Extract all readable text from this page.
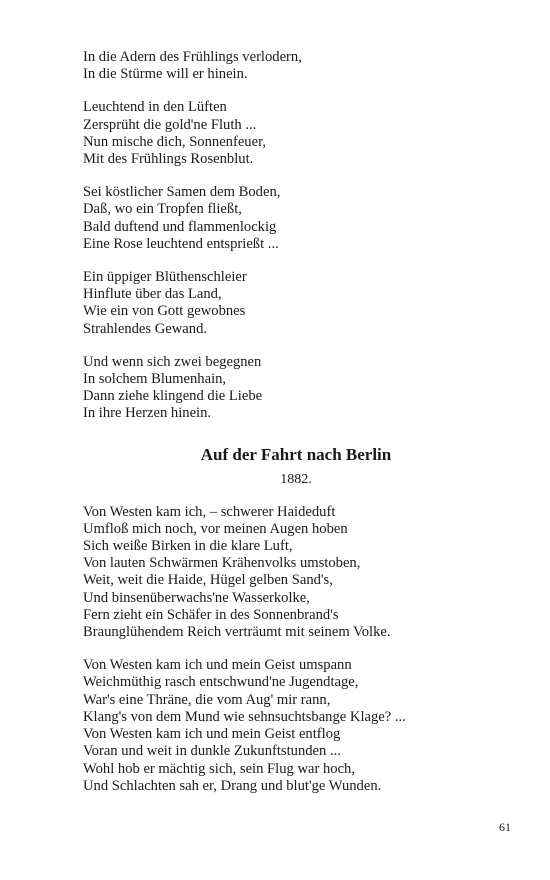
In die Adern des Frühlings verlodern,
In die Stürme will er hinein.
Leuchtend in den Lüften
Zersprüht die gold'ne Fluth ...
Nun mische dich, Sonnenfeuer,
Mit des Frühlings Rosenblut.
Sei köstlicher Samen dem Boden,
Daß, wo ein Tropfen fließt,
Bald duftend und flammenlockig
Eine Rose leuchtend entsprießt ...
Ein üppiger Blüthenschleier
Hinflute über das Land,
Wie ein von Gott gewobnes
Strahlendes Gewand.
Und wenn sich zwei begegnen
In solchem Blumenhain,
Dann ziehe klingend die Liebe
In ihre Herzen hinein.
Auf der Fahrt nach Berlin
1882.
Von Westen kam ich, – schwerer Haideduft
Umfloß mich noch, vor meinen Augen hoben
Sich weiße Birken in die klare Luft,
Von lauten Schwärmen Krähenvolks umstoben,
Weit, weit die Haide, Hügel gelben Sand's,
Und binsenüberwachs'ne Wasserkolke,
Fern zieht ein Schäfer in des Sonnenbrand's
Braunglühendem Reich verträumt mit seinem Volke.
Von Westen kam ich und mein Geist umspann
Weichmüthig rasch entschwund'ne Jugendtage,
War's eine Thräne, die vom Aug' mir rann,
Klang's von dem Mund wie sehnsuchtsbange Klage? ...
Von Westen kam ich und mein Geist entflog
Voran und weit in dunkle Zukunftstunden ...
Wohl hob er mächtig sich, sein Flug war hoch,
Und Schlachten sah er, Drang und blut'ge Wunden.
61
